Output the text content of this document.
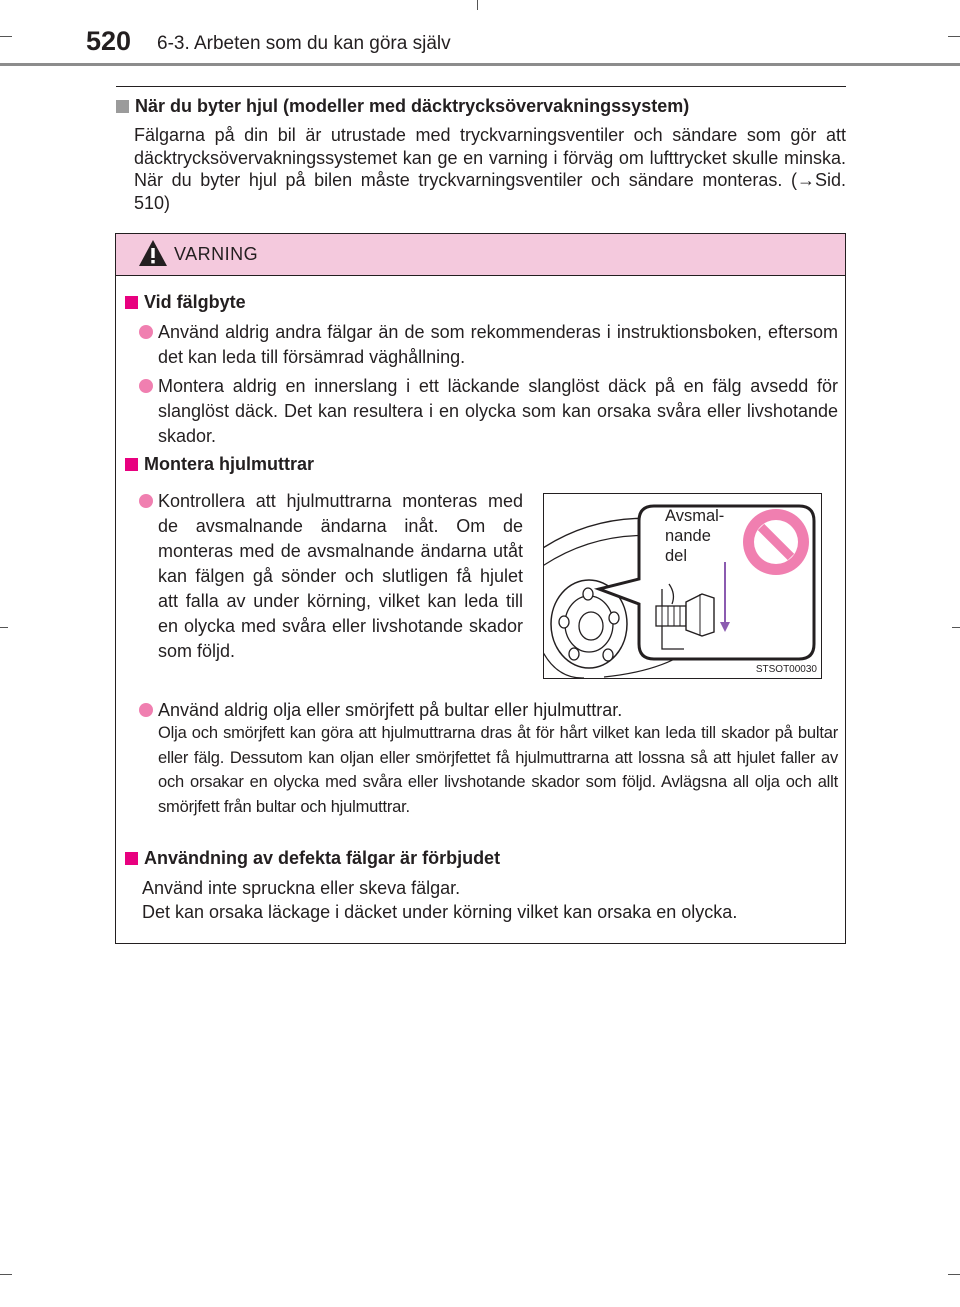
520 6-3. Arbeten som du kan göra själv
När du byter hjul (modeller med däcktrycksövervakningssystem)
Fälgarna på din bil är utrustade med tryckvarningsventiler och sändare som gör att däcktrycksövervakningssystemet kan ge en varning i förväg om lufttrycket skulle minska. När du byter hjul på bilen måste tryckvarningsventiler och sändare monteras. (→Sid. 510)
VARNING
Vid fälgbyte
Använd aldrig andra fälgar än de som rekommenderas i instruktionsboken, eftersom det kan leda till försämrad väghållning.
Montera aldrig en innerslang i ett läckande slanglöst däck på en fälg avsedd för slanglöst däck. Det kan resultera i en olycka som kan orsaka svåra eller livshotande skador.
Montera hjulmuttrar
Kontrollera att hjulmuttrarna monteras med de avsmalnande ändarna inåt. Om de monteras med de avsmalnande ändarna utåt kan fälgen gå sönder och slutligen få hjulet att falla av under körning, vilket kan leda till en olycka med svåra eller livshotande skador som följd.
Avsmal-
nande
del
STSOT00030
Använd aldrig olja eller smörjfett på bultar eller hjulmuttrar.
Olja och smörjfett kan göra att hjulmuttrarna dras åt för hårt vilket kan leda till skador på bultar eller fälg. Dessutom kan oljan eller smörjfettet få hjulmuttrarna att lossna så att hjulet faller av och orsakar en olycka med svåra eller livshotande skador som följd. Avlägsna all olja och allt smörjfett från bultar och hjulmuttrar.
Användning av defekta fälgar är förbjudet
Använd inte spruckna eller skeva fälgar.
Det kan orsaka läckage i däcket under körning vilket kan orsaka en olycka.
